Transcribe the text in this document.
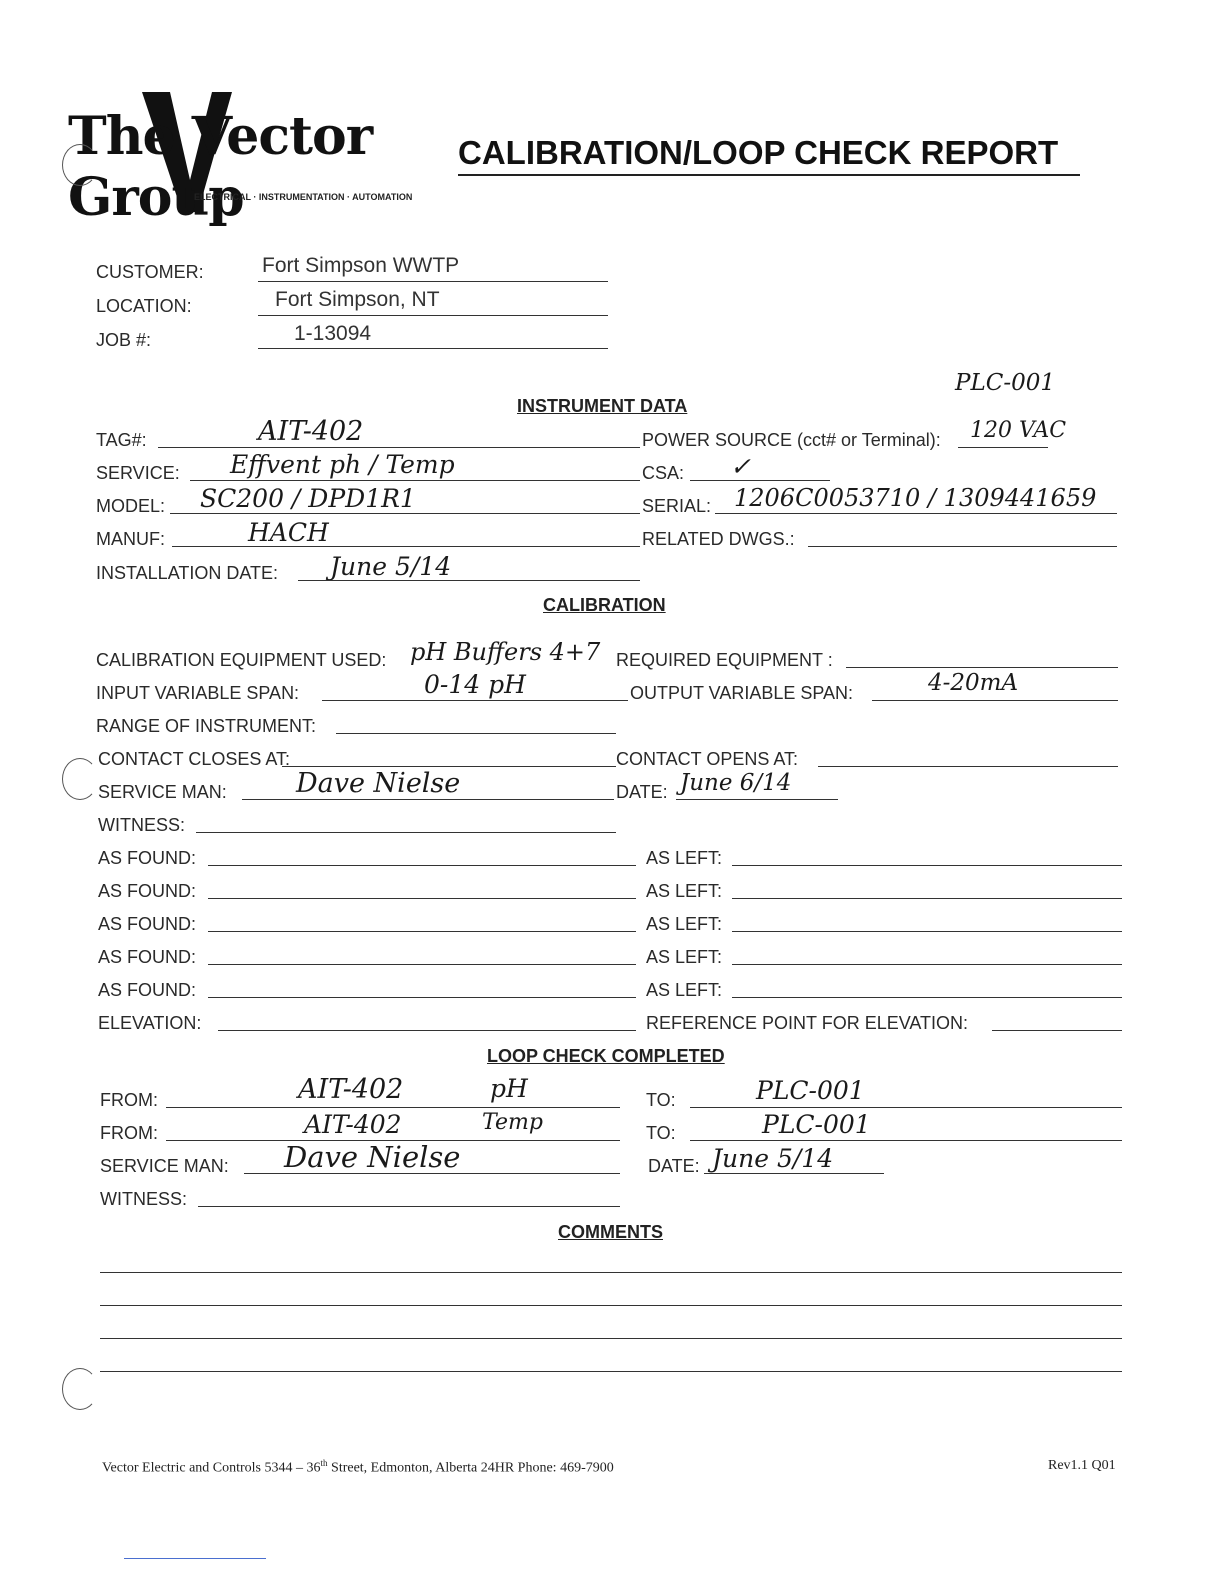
The Vector Group
ELECTRICAL · INSTRUMENTATION · AUTOMATION
CALIBRATION/LOOP CHECK REPORT
CUSTOMER:	Fort Simpson WWTP
LOCATION:	Fort Simpson, NT
JOB #:	1-13094
PLC-001
INSTRUMENT DATA
TAG#:	AIT-402	POWER SOURCE (cct# or Terminal): 120 VAC
SERVICE: Effvent ph / Temp	CSA: ✓
MODEL: SC200 / DPD1R1	SERIAL: 1206C0053710 / 1309441659
MANUF:	HACH	RELATED DWGS.:
INSTALLATION DATE: June 5/14
CALIBRATION
CALIBRATION EQUIPMENT USED: pH Buffers 4+7 REQUIRED EQUIPMENT :
INPUT VARIABLE SPAN:	0-14 pH	OUTPUT VARIABLE SPAN:	4-20mA
RANGE OF INSTRUMENT:
CONTACT CLOSES AT:	CONTACT OPENS AT:
SERVICE MAN:	Dave Nielse	DATE: June 6/14
WITNESS:
AS FOUND:	AS LEFT:
AS FOUND:	AS LEFT:
AS FOUND:	AS LEFT:
AS FOUND:	AS LEFT:
AS FOUND:	AS LEFT:
ELEVATION:	REFERENCE POINT FOR ELEVATION:
LOOP CHECK COMPLETED
FROM:	AIT-402	pH	TO:	PLC-001
FROM:	AIT-402	Temp	TO:	PLC-001
SERVICE MAN: Dave Nielse	DATE: June 5/14
WITNESS:
COMMENTS
Vector Electric and Controls 5344 – 36th Street, Edmonton, Alberta 24HR Phone: 469-7900	Rev1.1 Q01
